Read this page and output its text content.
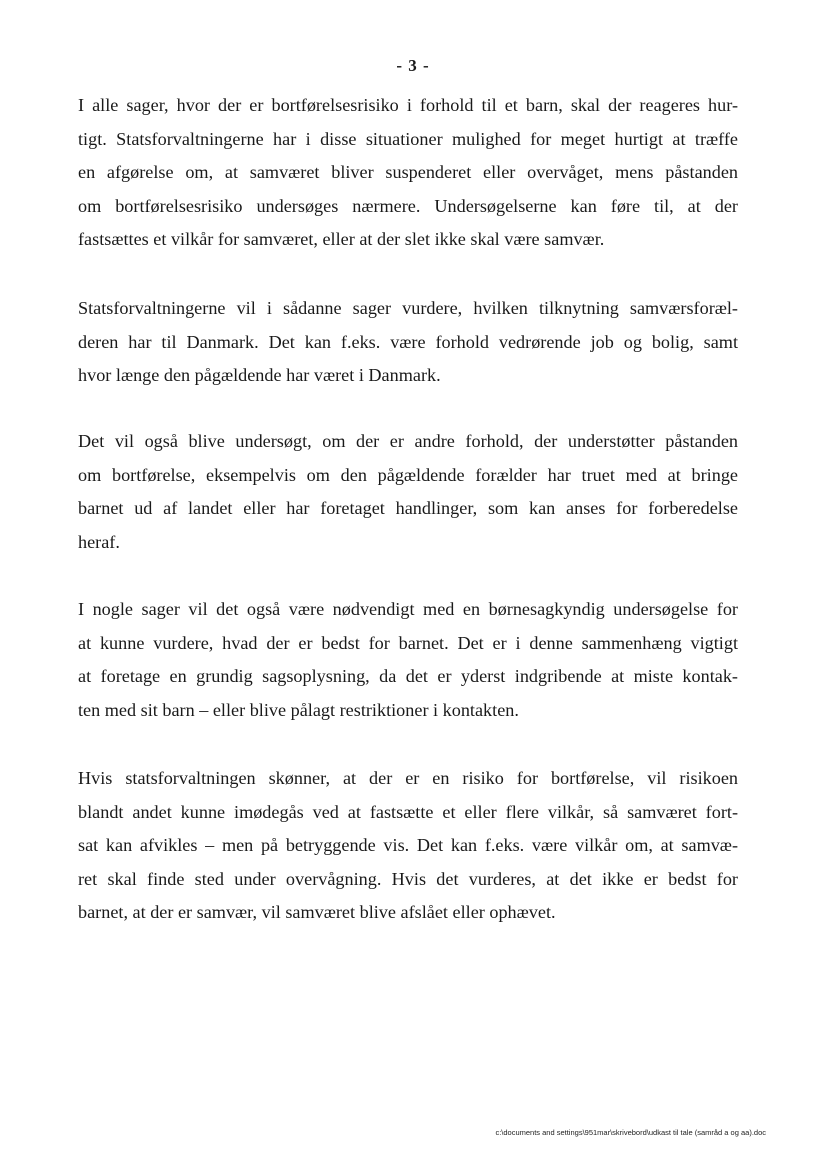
- 3 -
I alle sager, hvor der er bortførelsesrisiko i forhold til et barn, skal der reageres hur-
tigt. Statsforvaltningerne har i disse situationer mulighed for meget hurtigt at træffe
en afgørelse om, at samværet bliver suspenderet eller overvåget, mens påstanden
om bortførelsesrisiko undersøges nærmere. Undersøgelserne kan føre til, at der
fastsættes et vilkår for samværet, eller at der slet ikke skal være samvær.
Statsforvaltningerne vil i sådanne sager vurdere, hvilken tilknytning samværsforæl-
deren har til Danmark. Det kan f.eks. være forhold vedrørende job og bolig, samt
hvor længe den pågældende har været i Danmark.
Det vil også blive undersøgt, om der er andre forhold, der understøtter påstanden
om bortførelse, eksempelvis om den pågældende forælder har truet med at bringe
barnet ud af landet eller har foretaget handlinger, som kan anses for forberedelse
heraf.
I nogle sager vil det også være nødvendigt med en børnesagkyndig undersøgelse for
at kunne vurdere, hvad der er bedst for barnet. Det er i denne sammenhæng vigtigt
at foretage en grundig sagsoplysning, da det er yderst indgribende at miste kontak-
ten med sit barn – eller blive pålagt restriktioner i kontakten.
Hvis statsforvaltningen skønner, at der er en risiko for bortførelse, vil risikoen
blandt andet kunne imødegås ved at fastsætte et eller flere vilkår, så samværet fort-
sat kan afvikles – men på betryggende vis. Det kan f.eks. være vilkår om, at samvæ-
ret skal finde sted under overvågning. Hvis det vurderes, at det ikke er bedst for
barnet, at der er samvær, vil samværet blive afslået eller ophævet.
c:\documents and settings\951mar\skrivebord\udkast til tale (samråd a og aa).doc
